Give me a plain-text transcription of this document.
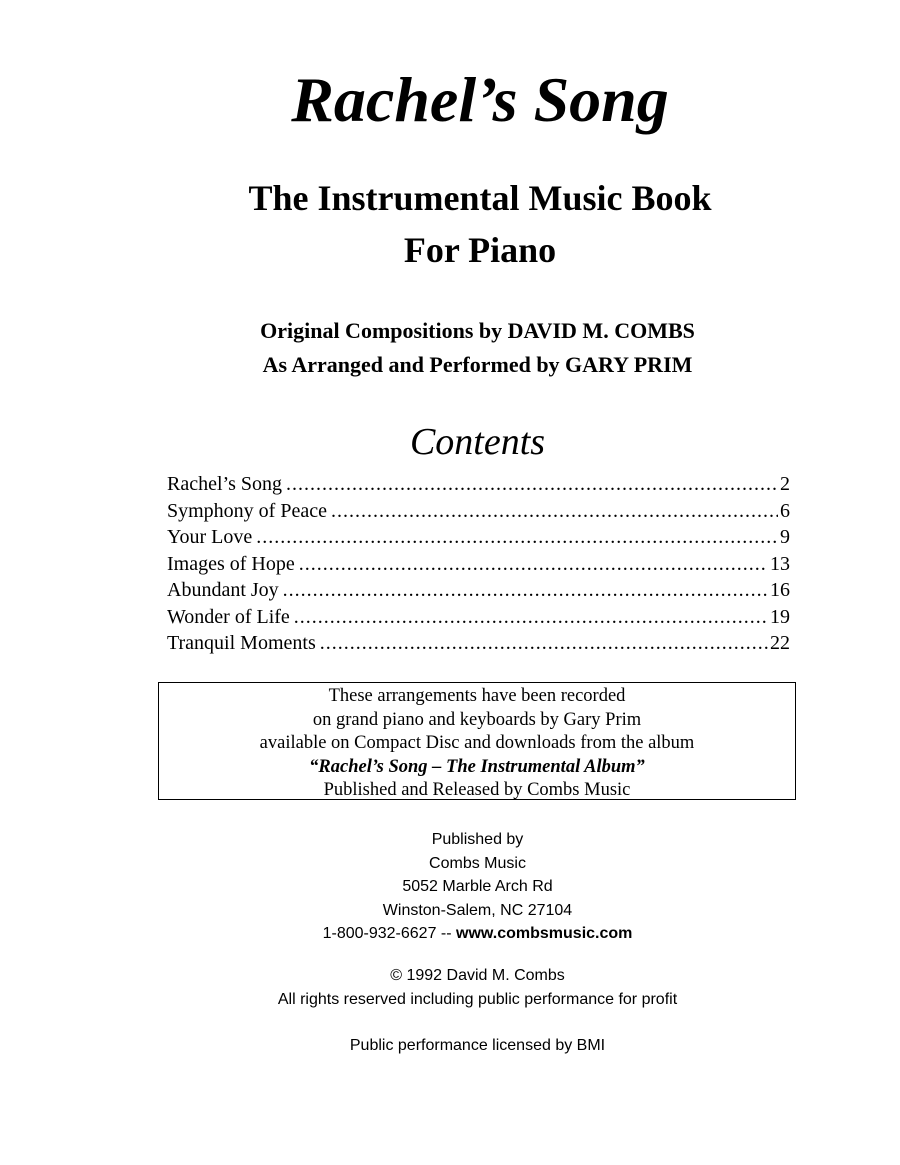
Rachel’s Song
The Instrumental Music Book
For Piano
Original Compositions by DAVID M. COMBS
As Arranged and Performed by GARY PRIM
Contents
Rachel’s Song .....	2
Symphony of Peace .....	6
Your Love .....	9
Images of Hope .....	13
Abundant Joy .....	16
Wonder of Life .....	19
Tranquil Moments .....	22
These arrangements have been recorded
on grand piano and keyboards by Gary Prim
available on Compact Disc and downloads from the album
“Rachel’s Song – The Instrumental Album”
Published and Released by Combs Music
Published by
Combs Music
5052 Marble Arch Rd
Winston-Salem, NC 27104
1-800-932-6627 -- www.combsmusic.com
© 1992 David M. Combs
All rights reserved including public performance for profit
Public performance licensed by BMI
